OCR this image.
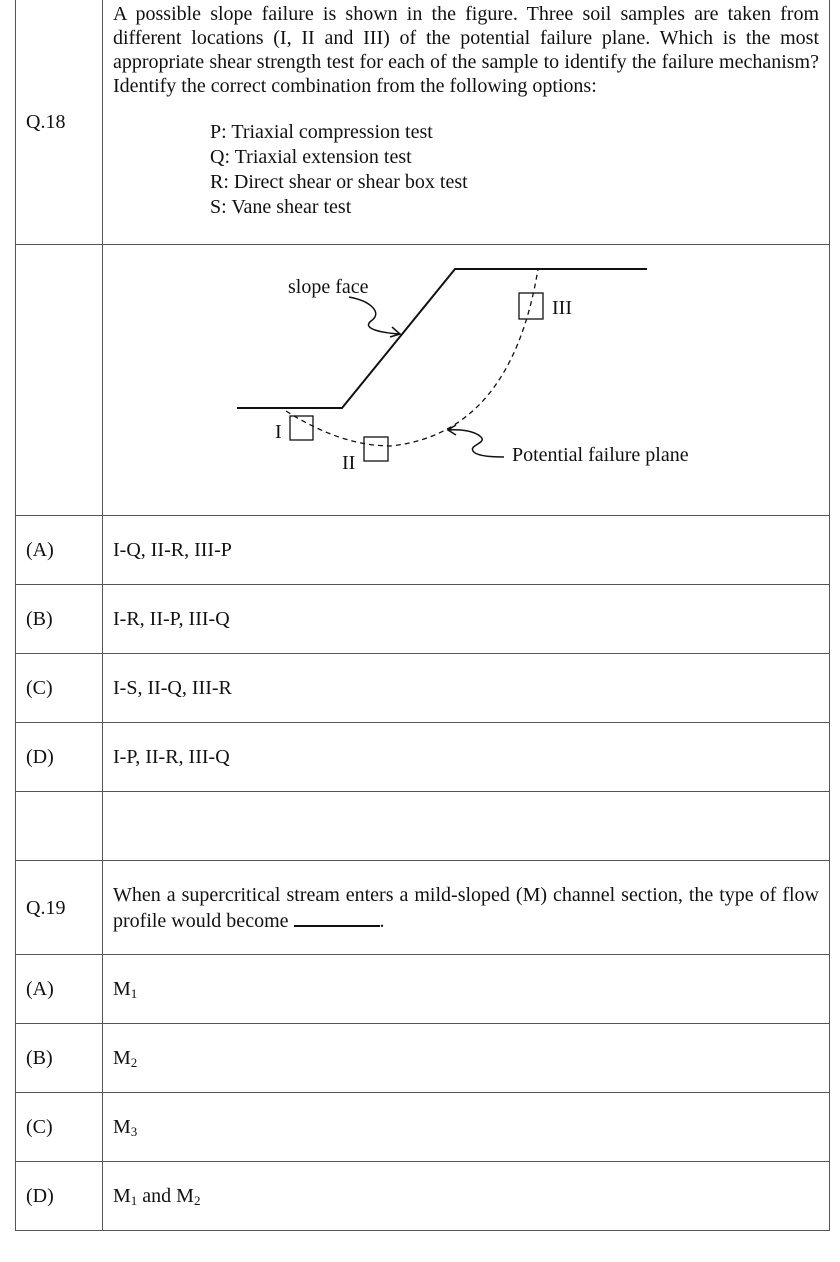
Q.18	A possible slope failure is shown in the figure. Three soil samples are taken from different locations (I, II and III) of the potential failure plane. Which is the most appropriate shear strength test for each of the sample to identify the failure mechanism? Identify the correct combination from the following options:
P: Triaxial compression test
Q: Triaxial extension test
R: Direct shear or shear box test
S: Vane shear test

slope face
Potential failure plane
I
II
III

(A)	I-Q, II-R, III-P
(B)	I-R, II-P, III-Q
(C)	I-S, II-Q, III-R
(D)	I-P, II-R, III-Q

Q.19	When a supercritical stream enters a mild-sloped (M) channel section, the type of flow profile would become .

(A)	$M_1$
(B)	$M_2$
(C)	$M_3$
(D)	$M_1$ and $M_2$
